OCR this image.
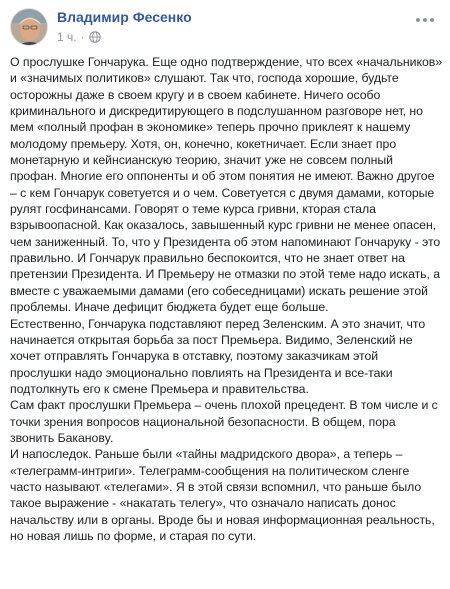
Владимир Фесенко
1 ч. ·

О прослушке Гончарука. Еще одно подтверждение, что всех «начальников» и «значимых политиков» слушают. Так что, господа хорошие, будьте осторожны даже в своем кругу и в своем кабинете. Ничего особо криминального и дискредитирующего в подслушанном разговоре нет, но мем «полный профан в экономике» теперь прочно приклеят к нашему молодому премьеру. Хотя, он, конечно, кокетничает. Если знает про монетарную и кейнсианскую теорию, значит уже не совсем полный профан. Многие его оппоненты и об этом понятия не имеют. Важно другое – с кем Гончарук советуется и о чем. Советуется с двумя дамами, которые рулят госфинансами. Говорят о теме курса гривни, кторая стала взрывоопасной. Как оказалось, завышенный курс гривни не менее опасен, чем заниженный. То, что у Президента об этом напоминают Гончаруку - это правильно. И Гончарук правильно беспокоится, что не знает ответ на претензии Президента. И Премьеру не отмазки по этой теме надо искать, а вместе с уважаемыми дамами (его собеседницами) искать решение этой проблемы. Иначе дефицит бюджета будет еще больше.

Естественно, Гончарука подставляют перед Зеленским. А это значит, что начинается открытая борьба за пост Премьера. Видимо, Зеленский не хочет отправлять Гончарука в отставку, поэтому заказчикам этой прослушки надо эмоционально повлиять на Президента и все-таки подтолкнуть его к смене Премьера и правительства.

Сам факт прослушки Премьера – очень плохой прецедент. В том числе и с точки зрения вопросов национальной безопасности. В общем, пора звонить Бакановy.

И напоследок. Раньше были «тайны мадридского двора», а теперь – «телеграмм-интриги». Телеграмм-сообщения на политическом сленге часто называют «телегами». Я в этой связи вспомнил, что раньше было такое выражение - «накатать телегу», что означало написать донос начальству или в органы. Вроде бы и новая информационная реальность, но новая лишь по форме, и старая по сути.
